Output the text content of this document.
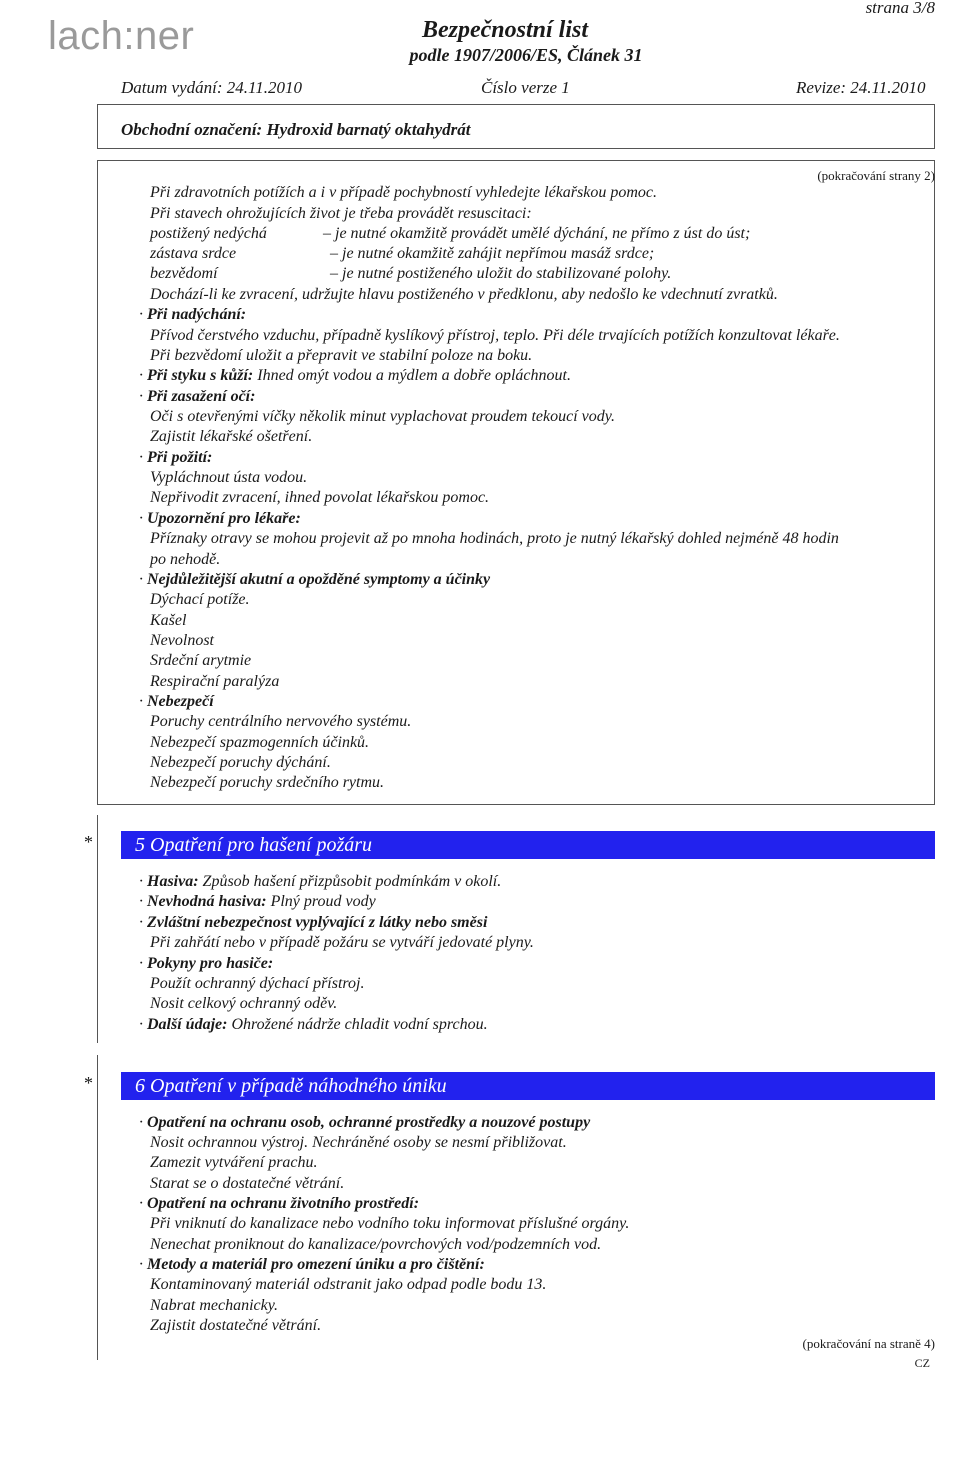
lach:ner
strana 3/8
Bezpečnostní list
podle 1907/2006/ES, Článek 31
Datum vydání: 24.11.2010	Číslo verze 1	Revize: 24.11.2010
Obchodní označení: Hydroxid barnatý oktahydrát
(pokračování strany 2)
Při zdravotních potížích a i v případě pochybností vyhledejte lékařskou pomoc.
Při stavech ohrožujících život je třeba provádět resuscitaci:
postižený nedýchá	– je nutné okamžitě provádět umělé dýchání, ne přímo z úst do úst;
zástava srdce	– je nutné okamžitě zahájit nepřímou masáž srdce;
bezvědomí	– je nutné postiženého uložit do stabilizované polohy.
Dochází-li ke zvracení, udržujte hlavu postiženého v předklonu, aby nedošlo ke vdechnutí zvratků.
· Při nadýchání:
Přívod čerstvého vzduchu, případně kyslíkový přístroj, teplo. Při déle trvajících potížích konzultovat lékaře.
Při bezvědomí uložit a přepravit ve stabilní poloze na boku.
· Při styku s kůží: Ihned omýt vodou a mýdlem a dobře opláchnout.
· Při zasažení očí:
Oči s otevřenými víčky několik minut vyplachovat proudem tekoucí vody.
Zajistit lékařské ošetření.
· Při požití:
Vypláchnout ústa vodou.
Nepřivodit zvracení, ihned povolat lékařskou pomoc.
· Upozornění pro lékaře:
Příznaky otravy se mohou projevit až po mnoha hodinách, proto je nutný lékařský dohled nejméně 48 hodin
po nehodě.
· Nejdůležitější akutní a opožděné symptomy a účinky
Dýchací potíže.
Kašel
Nevolnost
Srdeční arytmie
Respirační paralýza
· Nebezpečí
Poruchy centrálního nervového systému.
Nebezpečí spazmogenních účinků.
Nebezpečí poruchy dýchání.
Nebezpečí poruchy srdečního rytmu.
*	5 Opatření pro hašení požáru
· Hasiva: Způsob hašení přizpůsobit podmínkám v okolí.
· Nevhodná hasiva: Plný proud vody
· Zvláštní nebezpečnost vyplývající z látky nebo směsi
Při zahřátí nebo v případě požáru se vytváří jedovaté plyny.
· Pokyny pro hasiče:
Použít ochranný dýchací přístroj.
Nosit celkový ochranný oděv.
· Další údaje: Ohrožené nádrže chladit vodní sprchou.
*	6 Opatření v případě náhodného úniku
· Opatření na ochranu osob, ochranné prostředky a nouzové postupy
Nosit ochrannou výstroj. Nechráněné osoby se nesmí přibližovat.
Zamezit vytváření prachu.
Starat se o dostatečné větrání.
· Opatření na ochranu životního prostředí:
Při vniknutí do kanalizace nebo vodního toku informovat příslušné orgány.
Nenechat proniknout do kanalizace/povrchových vod/podzemních vod.
· Metody a materiál pro omezení úniku a pro čištění:
Kontaminovaný materiál odstranit jako odpad podle bodu 13.
Nabrat mechanicky.
Zajistit dostatečné větrání.
(pokračování na straně 4)
CZ
